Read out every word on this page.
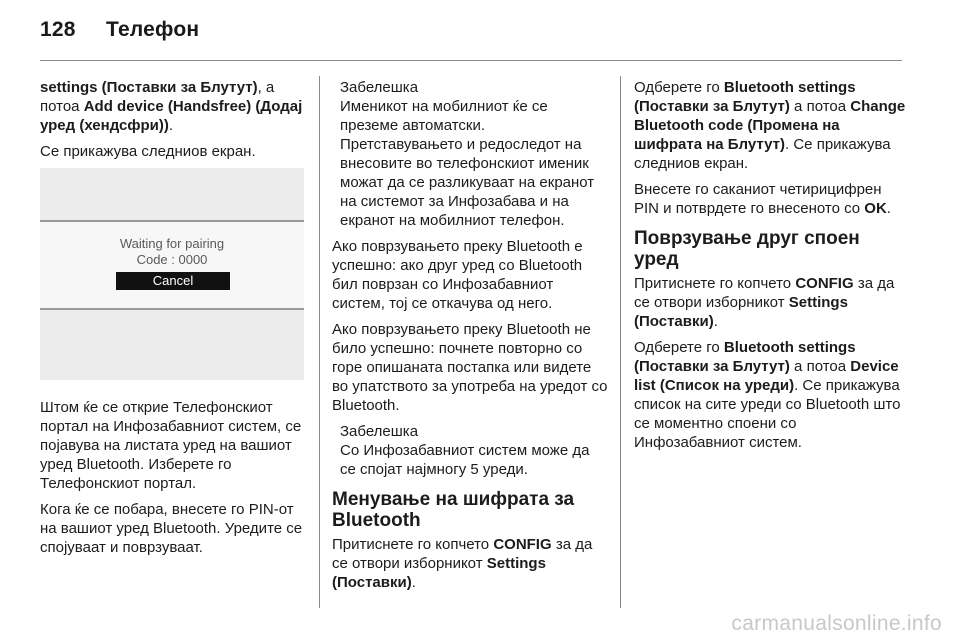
128 Телефон

settings (Поставки за Блутут), а потоа Add device (Handsfree) (Додај уред (хендсфри)).

Се прикажува следниов екран.

Waiting for pairing
Code : 0000
Cancel

Штом ќе се открие Телефонскиот портал на Инфозабавниот систем, се појавува на листата уред на вашиот уред Bluetooth. Изберете го Телефонскиот портал.

Кога ќе се побара, внесете го PIN-от на вашиот уред Bluetooth. Уредите се спојуваат и поврзуваат.

Забелешка
Имeникот на мобилниот ќе се преземе автоматски. Претставувањето и редоследот на внесовите во телефонскиот именик можат да се разликуваат на екранот на системот за Инфозабава и на екранот на мобилниот телефон.

Ако поврзувањето преку Bluetooth е успешно: ако друг уред со Bluetooth бил поврзан со Инфозабавниот систем, тој се откачува од него.

Ако поврзувањето преку Bluetooth не било успешно: почнете повторно со горе опишаната постапка или видете во упатството за употреба на уредот со Bluetooth.

Забелешка
Со Инфозабавниот систем може да се спојат најмногу 5 уреди.
Менување на шифрата за Bluetooth

Притиснете го копчето CONFIG за да се отвори изборникот Settings (Поставки).

Одберете го Bluetooth settings (Поставки за Блутут) а потоа Change Bluetooth code (Промена на шифрата на Блутут). Се прикажува следниов екран.

Внесете го саканиот четирицифрен PIN и потврдете го внесеното со OK.

Поврзување друг споен уред

Притиснете го копчето CONFIG за да се отвори изборникот Settings (Поставки).

Одберете го Bluetooth settings (Поставки за Блутут) а потоа Device list (Список на уреди). Се прикажува список на сите уреди со Bluetooth што се моментно споени со Инфозабавниот систем.

carmanualsonline.info
